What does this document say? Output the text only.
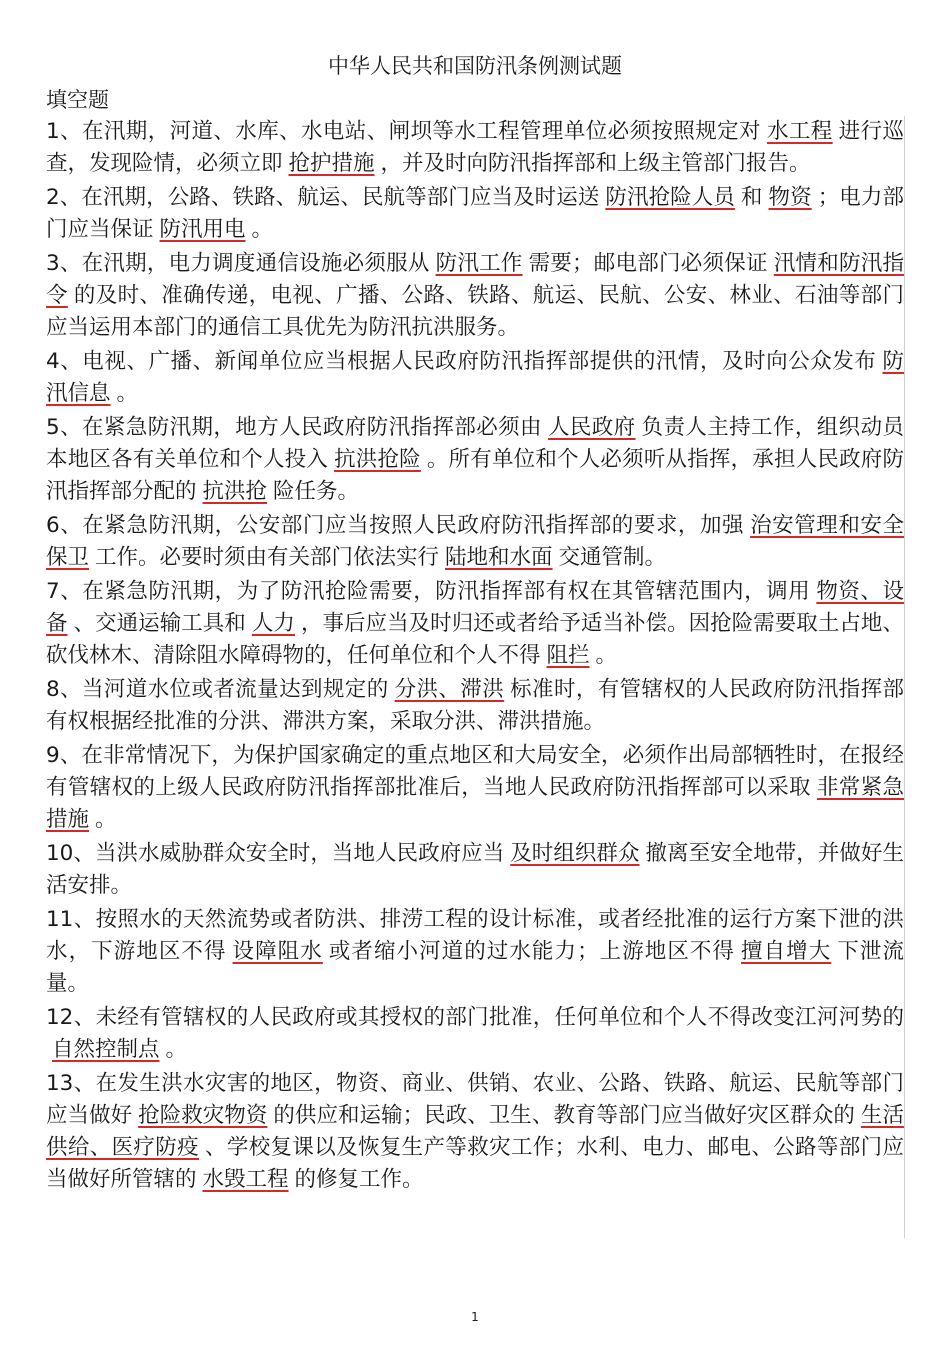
中华人民共和国防汛条例测试题
填空题

1、在汛期，河道、水库、水电站、闸坝等水工程管理单位必须按照规定对 水工程 进行巡查，发现险情，必须立即 抢护措施 ，并及时向防汛指挥部和上级主管部门报告。

2、在汛期，公路、铁路、航运、民航等部门应当及时运送 防汛抢险人员 和 物资 ；电力部门应当保证 防汛用电 。

3、在汛期，电力调度通信设施必须服从 防汛工作 需要；邮电部门必须保证 汛情和防汛指令 的及时、准确传递，电视、广播、公路、铁路、航运、民航、公安、林业、石油等部门应当运用本部门的通信工具优先为防汛抗洪服务。

4、电视、广播、新闻单位应当根据人民政府防汛指挥部提供的汛情，及时向公众发布 防汛信息 。

5、在紧急防汛期，地方人民政府防汛指挥部必须由 人民政府 负责人主持工作，组织动员本地区各有关单位和个人投入 抗洪抢险 。所有单位和个人必须听从指挥，承担人民政府防汛指挥部分配的 抗洪抢 险任务。

6、在紧急防汛期，公安部门应当按照人民政府防汛指挥部的要求，加强 治安管理和安全保卫 工作。必要时须由有关部门依法实行 陆地和水面 交通管制。

7、在紧急防汛期，为了防汛抢险需要，防汛指挥部有权在其管辖范围内，调用 物资、设备 、交通运输工具和 人力 ，事后应当及时归还或者给予适当补偿。因抢险需要取土占地、砍伐林木、清除阻水障碍物的，任何单位和个人不得 阻拦 。

8、当河道水位或者流量达到规定的 分洪、滞洪 标准时，有管辖权的人民政府防汛指挥部有权根据经批准的分洪、滞洪方案，采取分洪、滞洪措施。

9、在非常情况下，为保护国家确定的重点地区和大局安全，必须作出局部牺牲时，在报经有管辖权的上级人民政府防汛指挥部批准后，当地人民政府防汛指挥部可以采取 非常紧急措施 。

10、当洪水威胁群众安全时，当地人民政府应当 及时组织群众 撤离至安全地带，并做好生活安排。

11、按照水的天然流势或者防洪、排涝工程的设计标准，或者经批准的运行方案下泄的洪水，下游地区不得 设障阻水 或者缩小河道的过水能力；上游地区不得 擅自增大 下泄流量。

12、未经有管辖权的人民政府或其授权的部门批准，任何单位和个人不得改变江河河势的自然控制点 。

13、在发生洪水灾害的地区，物资、商业、供销、农业、公路、铁路、航运、民航等部门应当做好 抢险救灾物资 的供应和运输；民政、卫生、教育等部门应当做好灾区群众的 生活供给、医疗防疫 、学校复课以及恢复生产等救灾工作；水利、电力、邮电、公路等部门应当做好所管辖的 水毁工程 的修复工作。

1
